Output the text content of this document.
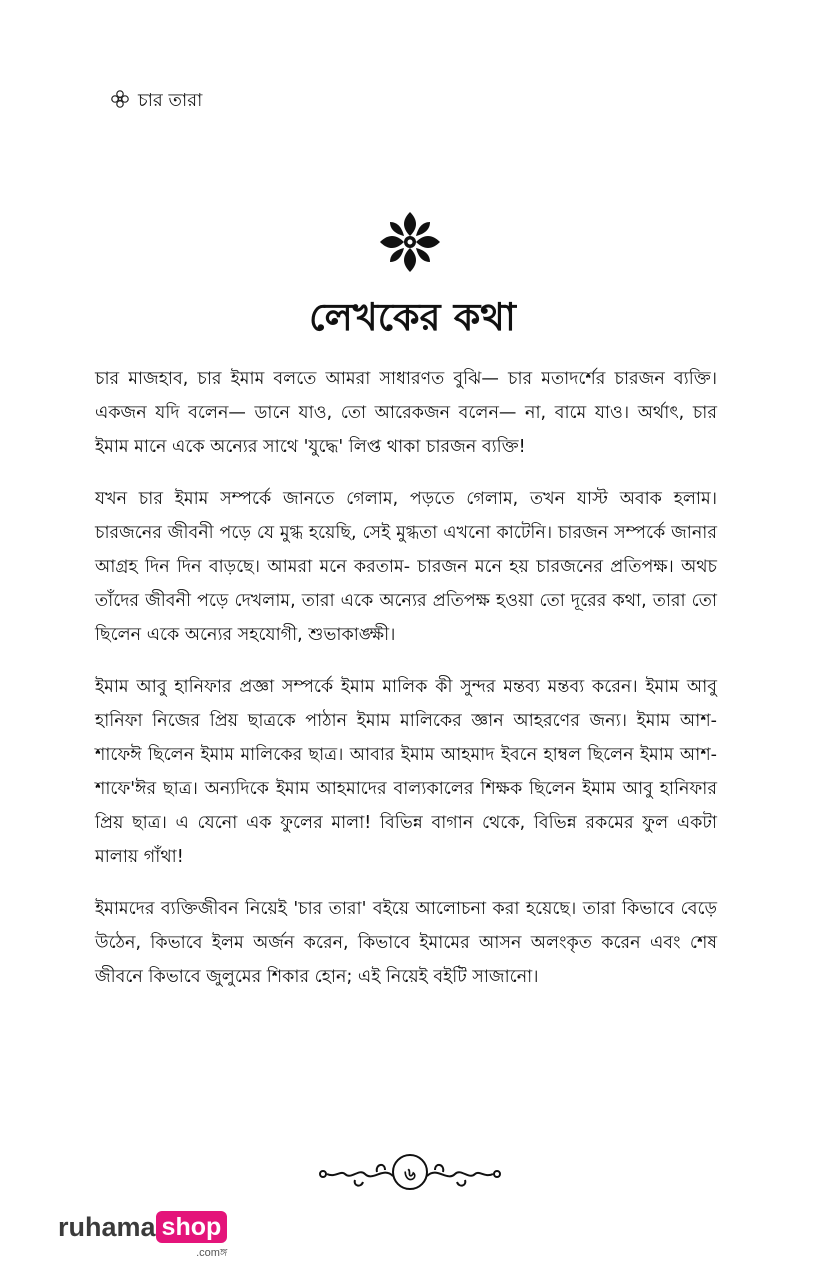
চার তারা
লেখকের কথা

চার মাজহাব, চার ইমাম বলতে আমরা সাধারণত বুঝি— চার মতাদর্শের চারজন ব্যক্তি। একজন যদি বলেন— ডানে যাও, তো আরেকজন বলেন— না, বামে যাও। অর্থাৎ, চার ইমাম মানে একে অন্যের সাথে 'যুদ্ধে' লিপ্ত থাকা চারজন ব্যক্তি!

যখন চার ইমাম সম্পর্কে জানতে গেলাম, পড়তে গেলাম, তখন যাস্ট অবাক হলাম। চারজনের জীবনী পড়ে যে মুগ্ধ হয়েছি, সেই মুগ্ধতা এখনো কাটেনি। চারজন সম্পর্কে জানার আগ্রহ দিন দিন বাড়ছে। আমরা মনে করতাম- চারজন মনে হয় চারজনের প্রতিপক্ষ। অথচ তাঁদের জীবনী পড়ে দেখলাম, তারা একে অন্যের প্রতিপক্ষ হওয়া তো দূরের কথা, তারা তো ছিলেন একে অন্যের সহযোগী, শুভাকাঙ্ক্ষী।

ইমাম আবু হানিফার প্রজ্ঞা সম্পর্কে ইমাম মালিক কী সুন্দর মন্তব্য মন্তব্য করেন। ইমাম আবু হানিফা নিজের প্রিয় ছাত্রকে পাঠান ইমাম মালিকের জ্ঞান আহরণের জন্য। ইমাম আশ-শাফেঈ ছিলেন ইমাম মালিকের ছাত্র। আবার ইমাম আহমাদ ইবনে হাম্বল ছিলেন ইমাম আশ-শাফে'ঈর ছাত্র। অন্যদিকে ইমাম আহমাদের বাল্যকালের শিক্ষক ছিলেন ইমাম আবু হানিফার প্রিয় ছাত্র। এ যেনো এক ফুলের মালা! বিভিন্ন বাগান থেকে, বিভিন্ন রকমের ফুল একটা মালায় গাঁথা!

ইমামদের ব্যক্তিজীবন নিয়েই 'চার তারা' বইয়ে আলোচনা করা হয়েছে। তারা কিভাবে বেড়ে উঠেন, কিভাবে ইলম অর্জন করেন, কিভাবে ইমামের আসন অলংকৃত করেন এবং শেষ জীবনে কিভাবে জুলুমের শিকার হোন; এই নিয়েই বইটি সাজানো।

৬
ruhama shop
.comঙ্গ
